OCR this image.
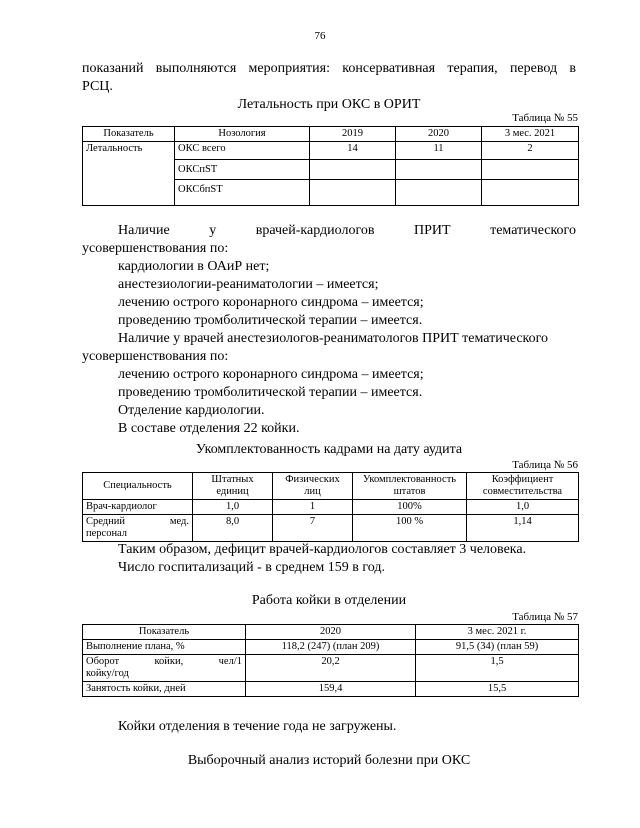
76
показаний выполняются мероприятия: консервативная терапия, перевод в
РСЦ.
Летальность при ОКС в ОРИТ
Таблица № 55
Показатель	Нозология	2019	2020	3 мес. 2021
Летальность	ОКС всего	14	11	2
	ОКСпST			
	ОКСбпST			
Наличие	у	врачей-кардиологов	ПРИТ	тематического
усовершенствования по:
кардиологии в ОАиР нет;
анестезиологии-реаниматологии – имеется;
лечению острого коронарного синдрома – имеется;
проведению тромболитической терапии – имеется.
Наличие у врачей анестезиологов-реаниматологов ПРИТ тематического
усовершенствования по:
лечению острого коронарного синдрома – имеется;
проведению тромболитической терапии – имеется.
Отделение кардиологии.
В составе отделения 22 койки.
Укомплектованность кадрами на дату аудита
Таблица № 56
Специальность	Штатных единиц	Физических лиц	Укомплектованность штатов	Коэффициент совместительства
Врач-кардиолог	1,0	1	100%	1,0

Средний мед.
персонал	8,0	7	100 %	1,14
Таким образом, дефицит врачей-кардиологов составляет 3 человека.
Число госпитализаций - в среднем 159 в год.
Работа койки в отделении
Таблица № 57
Показатель	2020	3 мес. 2021 г.
Выполнение плана, %	118,2 (247) (план 209)	91,5 (34) (план 59)

Оборот койки, чел/1
койку/год	20,2	1,5
Занятость койки, дней	159,4	15,5
Койки отделения в течение года не загружены.
Выборочный анализ историй болезни при ОКС
